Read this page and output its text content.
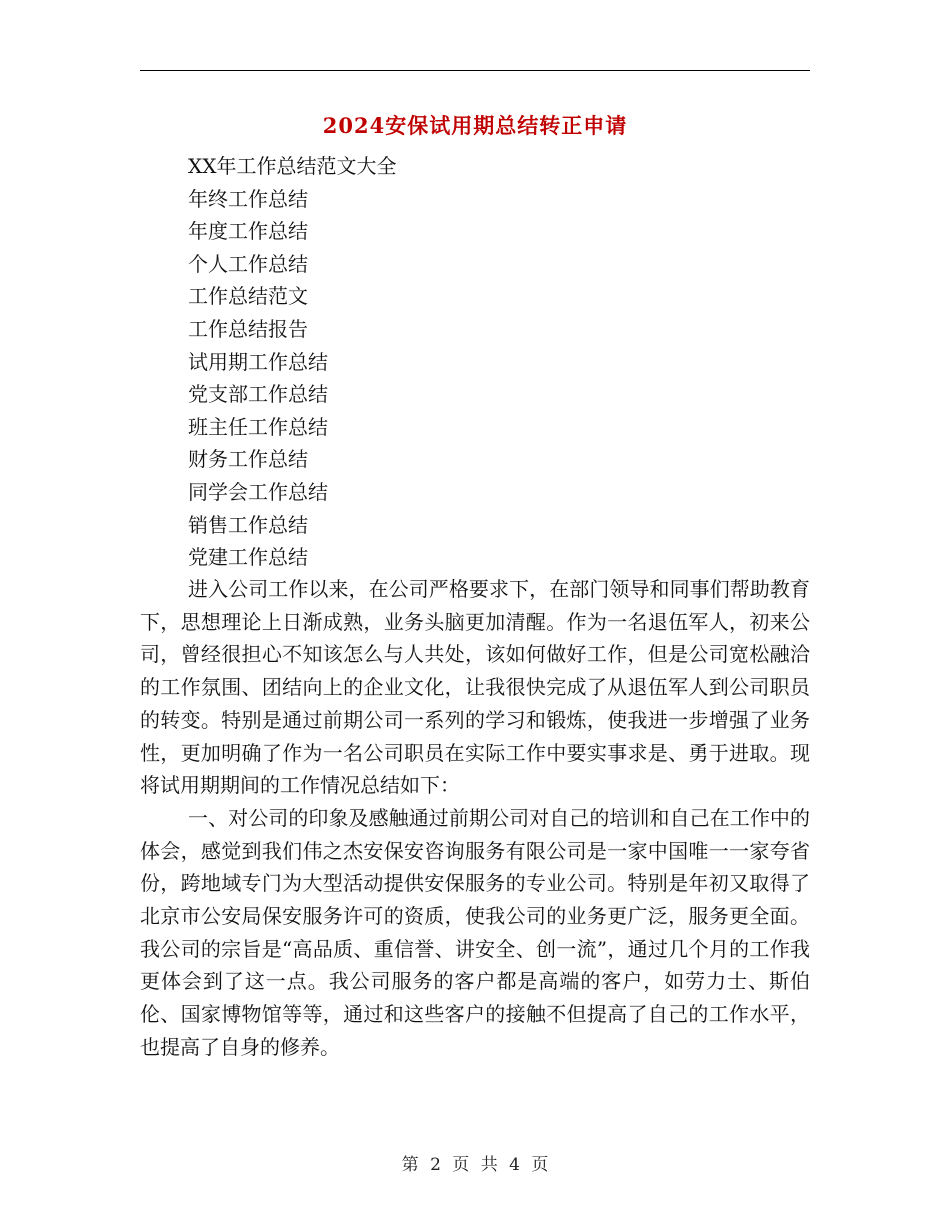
2024安保试用期总结转正申请
XX年工作总结范文大全
年终工作总结
年度工作总结
个人工作总结
工作总结范文
工作总结报告
试用期工作总结
党支部工作总结
班主任工作总结
财务工作总结
同学会工作总结
销售工作总结
党建工作总结

进入公司工作以来，在公司严格要求下，在部门领导和同事们帮助教育下，思想理论上日渐成熟，业务头脑更加清醒。作为一名退伍军人，初来公司，曾经很担心不知该怎么与人共处，该如何做好工作，但是公司宽松融洽的工作氛围、团结向上的企业文化，让我很快完成了从退伍军人到公司职员的转变。特别是通过前期公司一系列的学习和锻炼，使我进一步增强了业务性，更加明确了作为一名公司职员在实际工作中要实事求是、勇于进取。现将试用期期间的工作情况总结如下：

一、对公司的印象及感触通过前期公司对自己的培训和自己在工作中的体会，感觉到我们伟之杰安保安咨询服务有限公司是一家中国唯一一家夸省份，跨地域专门为大型活动提供安保服务的专业公司。特别是年初又取得了北京市公安局保安服务许可的资质，使我公司的业务更广泛，服务更全面。我公司的宗旨是“高品质、重信誉、讲安全、创一流”，通过几个月的工作我更体会到了这一点。我公司服务的客户都是高端的客户，如劳力士、斯伯伦、国家博物馆等等，通过和这些客户的接触不但提高了自己的工作水平，也提高了自身的修养。

第 2 页 共 4 页
